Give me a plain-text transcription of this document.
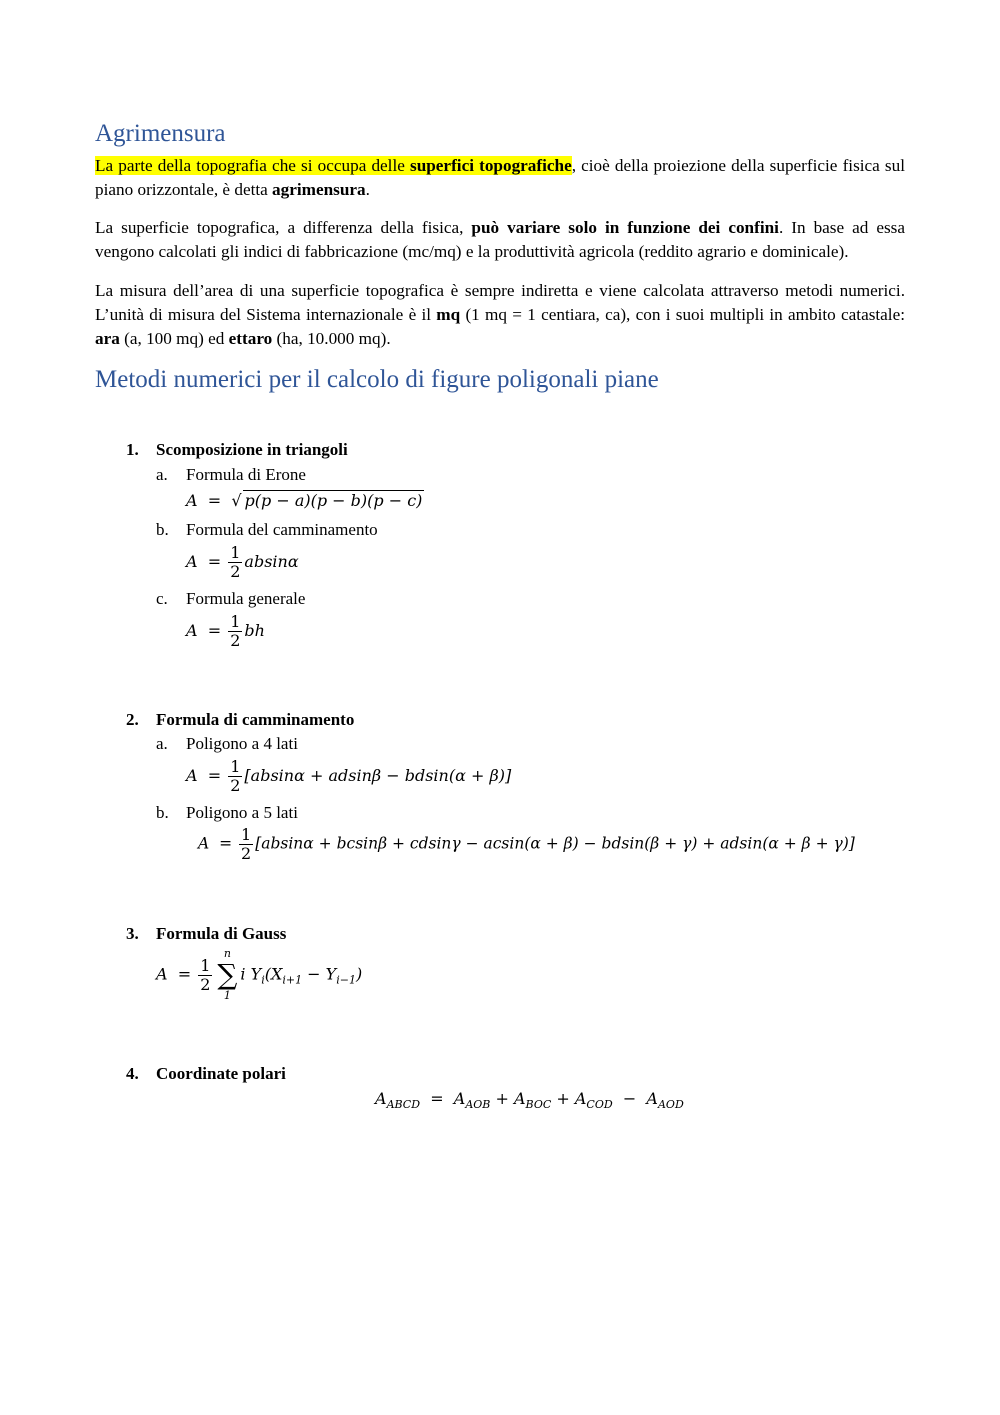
Agrimensura

La parte della topografia che si occupa delle superfici topografiche, cioè della proiezione della superficie fisica sul piano orizzontale, è detta agrimensura.

La superficie topografica, a differenza della fisica, può variare solo in funzione dei confini. In base ad essa vengono calcolati gli indici di fabbricazione (mc/mq) e la produttività agricola (reddito agrario e dominicale).

La misura dell’area di una superficie topografica è sempre indiretta e viene calcolata attraverso metodi numerici. L’unità di misura del Sistema internazionale è il mq (1 mq = 1 centiara, ca), con i suoi multipli in ambito catastale: ara (a, 100 mq) ed ettaro (ha, 10.000 mq).

Metodi numerici per il calcolo di figure poligonali piane
1. Scomposizione in triangoli
a. Formula di Erone
A  = √ p(p − a)(p − b)(p − c)
b. Formula del camminamento
$A = \frac{1}{2}$ absinα
c. Formula generale
$A = \frac{1}{2}$ bh
2. Formula di camminamento
a. Poligono a 4 lati
$A = \frac{1}{2} [absin\alpha + adsin\beta - bdsin(\alpha + \beta)]$
b. Poligono a 5 lati
$A = \frac{1}{2} [absin\alpha + bcsin\beta + cdsin\gamma - acsin(\alpha + \beta) - bdsin(\beta + \gamma) + adsin(\alpha + \beta + \gamma)]$
3. Formula di Gauss
$A = \frac{1}{2}$
n
∑
1
i $Y_i(X_{i+1} - Y_{i-1})$
4. Coordinate polari
$A_{ABCD} = A_{AOB} + A_{BOC} + A_{COD} - A_{AOD}$
